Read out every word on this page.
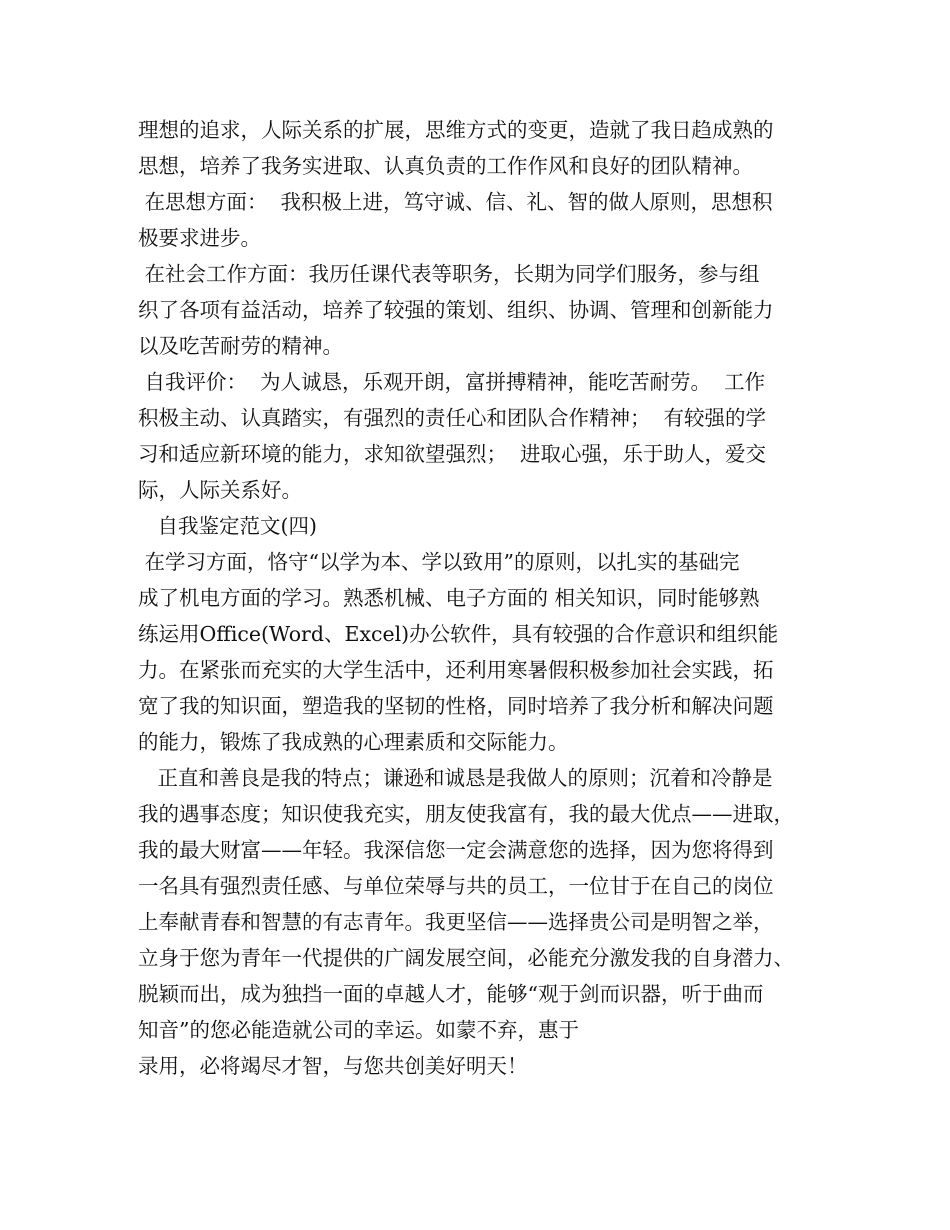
理想的追求，人际关系的扩展，思维方式的变更，造就了我日趋成熟的
思想，培养了我务实进取、认真负责的工作作风和良好的团队精神。
在思想方面：  我积极上进，笃守诚、信、礼、智的做人原则，思想积
极要求进步。
在社会工作方面：我历任课代表等职务，长期为同学们服务，参与组
织了各项有益活动，培养了较强的策划、组织、协调、管理和创新能力
以及吃苦耐劳的精神。
自我评价：  为人诚恳，乐观开朗，富拼搏精神，能吃苦耐劳。  工作
积极主动、认真踏实，有强烈的责任心和团队合作精神；  有较强的学
习和适应新环境的能力，求知欲望强烈；  进取心强，乐于助人，爱交
际，人际关系好。
自我鉴定范文(四)
在学习方面，恪守“以学为本、学以致用”的原则，以扎实的基础完
成了机电方面的学习。熟悉机械、电子方面的 相关知识，同时能够熟
练运用Office(Word、Excel)办公软件，具有较强的合作意识和组织能
力。在紧张而充实的大学生活中，还利用寒暑假积极参加社会实践，拓
宽了我的知识面，塑造我的坚韧的性格，同时培养了我分析和解决问题
的能力，锻炼了我成熟的心理素质和交际能力。
正直和善良是我的特点；谦逊和诚恳是我做人的原则；沉着和冷静是
我的遇事态度；知识使我充实，朋友使我富有，我的最大优点——进取，
我的最大财富——年轻。我深信您一定会满意您的选择，因为您将得到
一名具有强烈责任感、与单位荣辱与共的员工，一位甘于在自己的岗位
上奉献青春和智慧的有志青年。我更坚信——选择贵公司是明智之举，
立身于您为青年一代提供的广阔发展空间，必能充分激发我的自身潜力、
脱颖而出，成为独挡一面的卓越人才，能够“观于剑而识器，听于曲而
知音”的您必能造就公司的幸运。如蒙不弃，惠于
录用，必将竭尽才智，与您共创美好明天！
